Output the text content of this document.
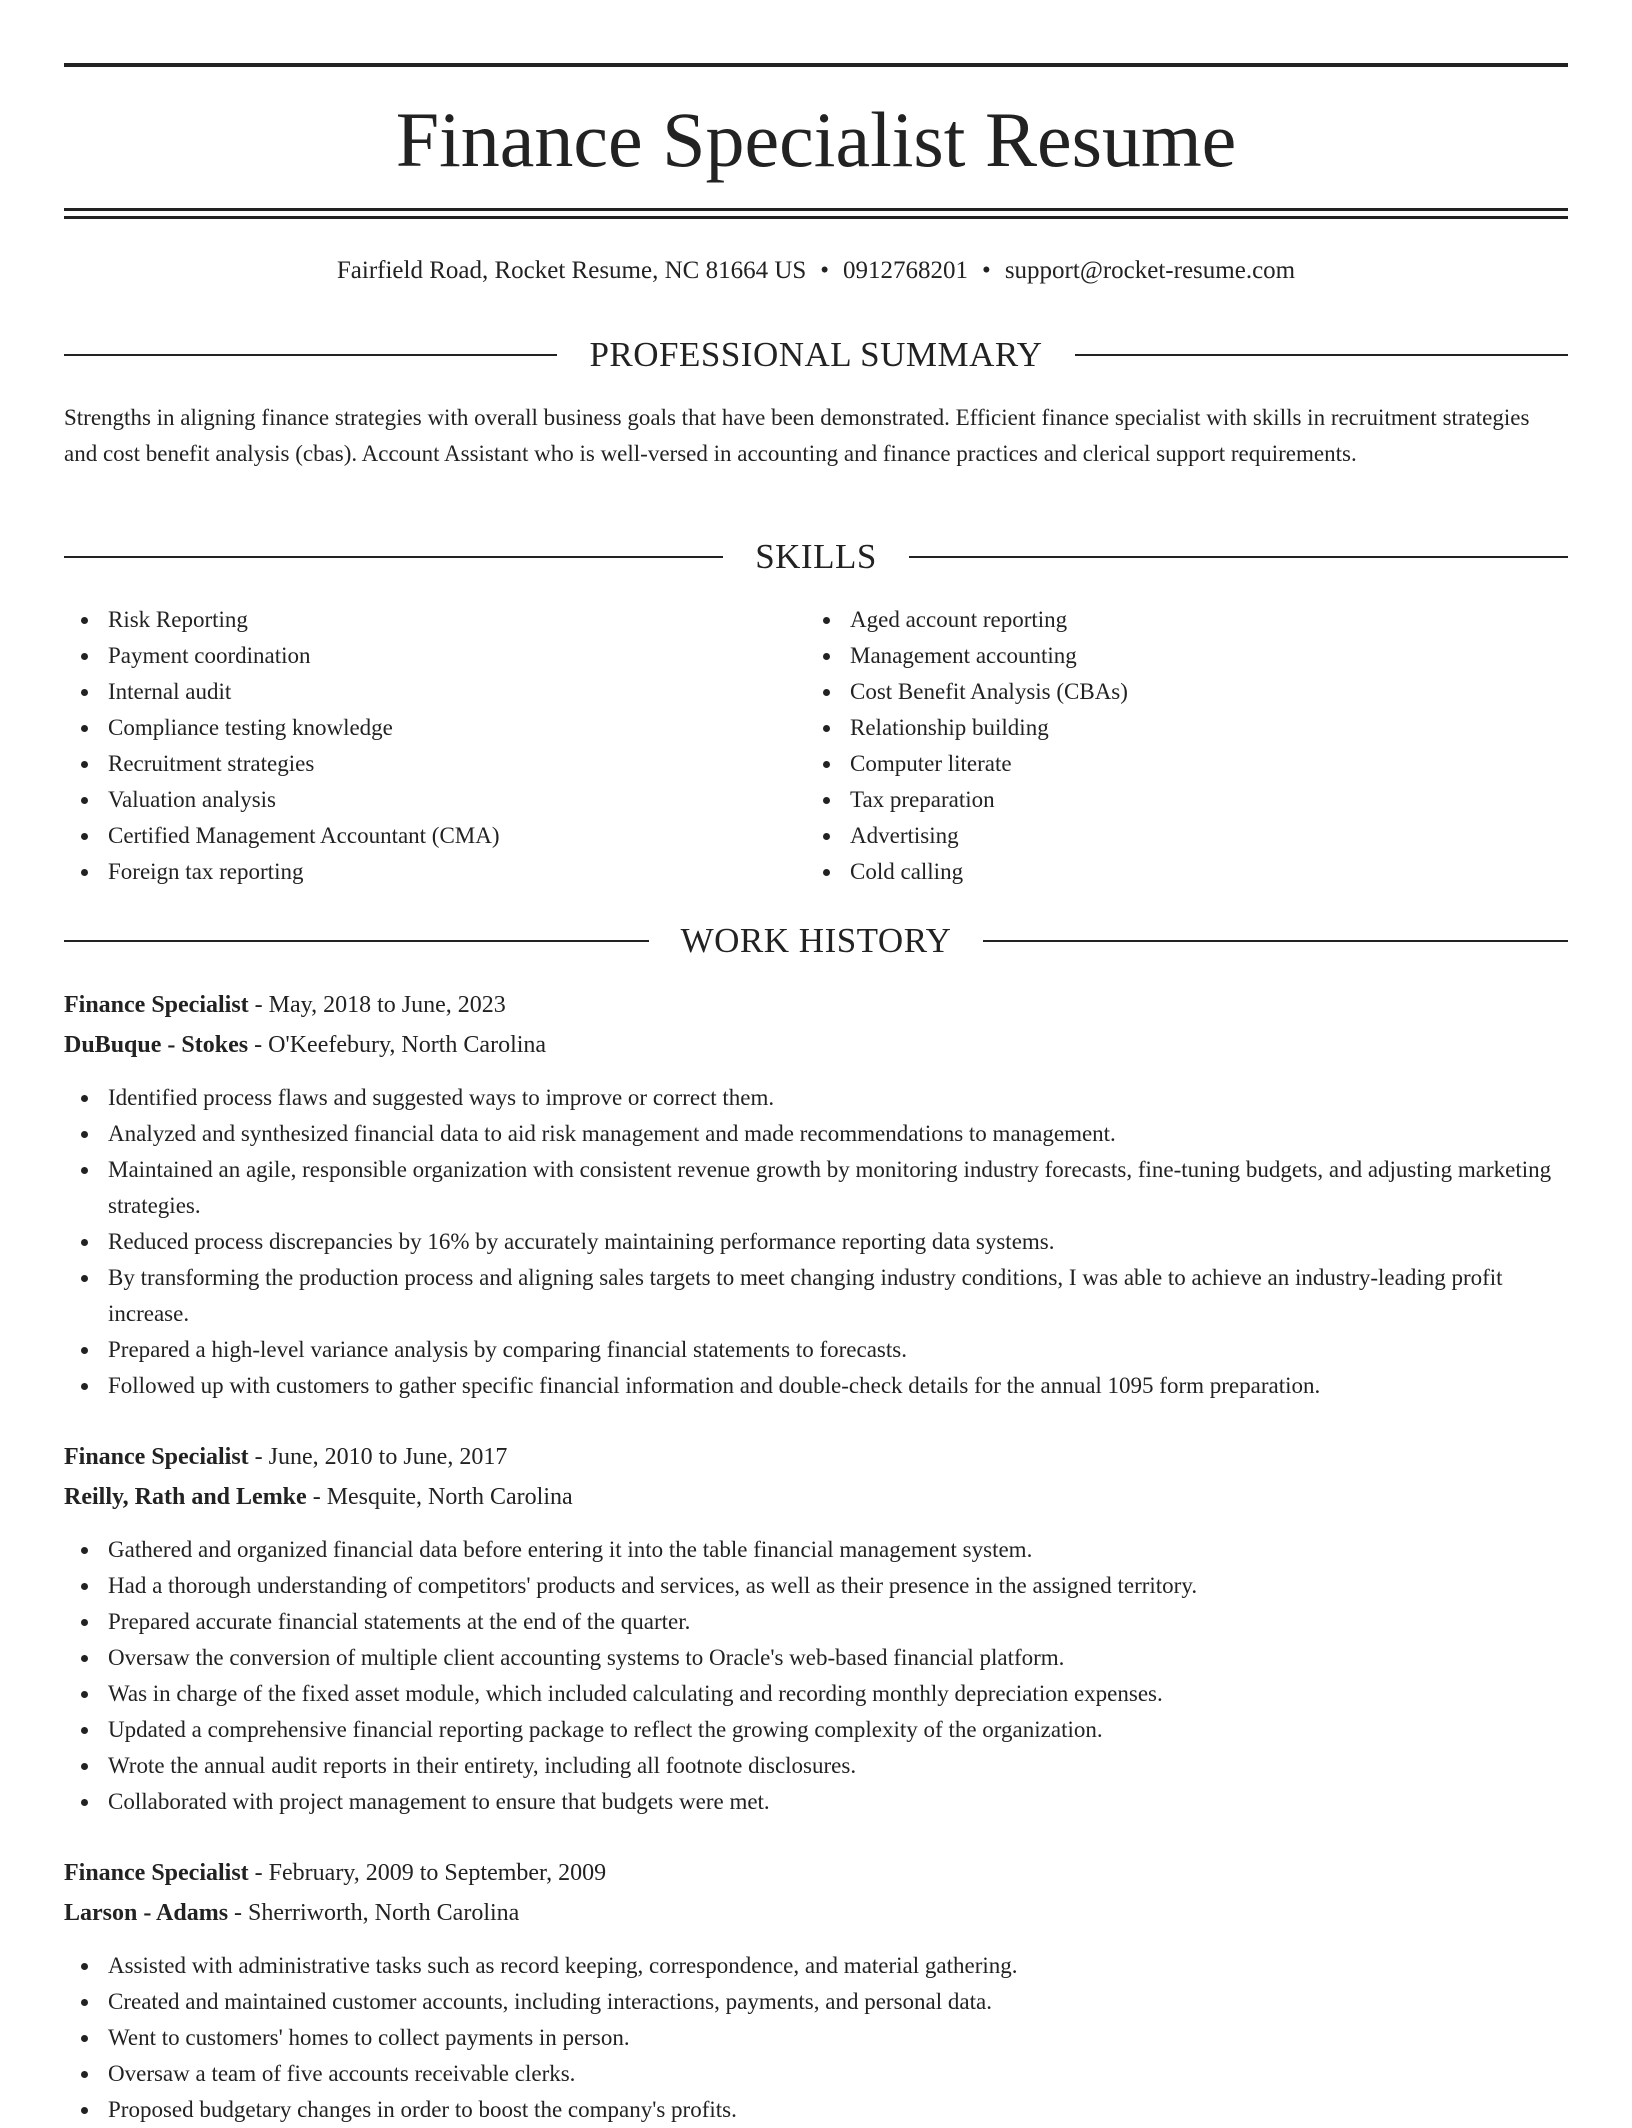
Finance Specialist Resume
Fairfield Road, Rocket Resume, NC 81664 US • 0912768201 • support@rocket-resume.com
PROFESSIONAL SUMMARY

Strengths in aligning finance strategies with overall business goals that have been demonstrated. Efficient finance specialist with skills in recruitment strategies and cost benefit analysis (cbas). Account Assistant who is well-versed in accounting and finance practices and clerical support requirements.

SKILLS
Risk Reporting
Payment coordination
Internal audit
Compliance testing knowledge
Recruitment strategies
Valuation analysis
Certified Management Accountant (CMA)
Foreign tax reporting
Aged account reporting
Management accounting
Cost Benefit Analysis (CBAs)
Relationship building
Computer literate
Tax preparation
Advertising
Cold calling
WORK HISTORY

Finance Specialist - May, 2018 to June, 2023

DuBuque - Stokes - O'Keefebury, North Carolina

Identified process flaws and suggested ways to improve or correct them.
Analyzed and synthesized financial data to aid risk management and made recommendations to management.
Maintained an agile, responsible organization with consistent revenue growth by monitoring industry forecasts, fine-tuning budgets, and adjusting marketing strategies.
Reduced process discrepancies by 16% by accurately maintaining performance reporting data systems.
By transforming the production process and aligning sales targets to meet changing industry conditions, I was able to achieve an industry-leading profit increase.
Prepared a high-level variance analysis by comparing financial statements to forecasts.
Followed up with customers to gather specific financial information and double-check details for the annual 1095 form preparation.

Finance Specialist - June, 2010 to June, 2017

Reilly, Rath and Lemke - Mesquite, North Carolina

Gathered and organized financial data before entering it into the table financial management system.
Had a thorough understanding of competitors' products and services, as well as their presence in the assigned territory.
Prepared accurate financial statements at the end of the quarter.
Oversaw the conversion of multiple client accounting systems to Oracle's web-based financial platform.
Was in charge of the fixed asset module, which included calculating and recording monthly depreciation expenses.
Updated a comprehensive financial reporting package to reflect the growing complexity of the organization.
Wrote the annual audit reports in their entirety, including all footnote disclosures.
Collaborated with project management to ensure that budgets were met.

Finance Specialist - February, 2009 to September, 2009

Larson - Adams - Sherriworth, North Carolina

Assisted with administrative tasks such as record keeping, correspondence, and material gathering.
Created and maintained customer accounts, including interactions, payments, and personal data.
Went to customers' homes to collect payments in person.
Oversaw a team of five accounts receivable clerks.
Proposed budgetary changes in order to boost the company's profits.
